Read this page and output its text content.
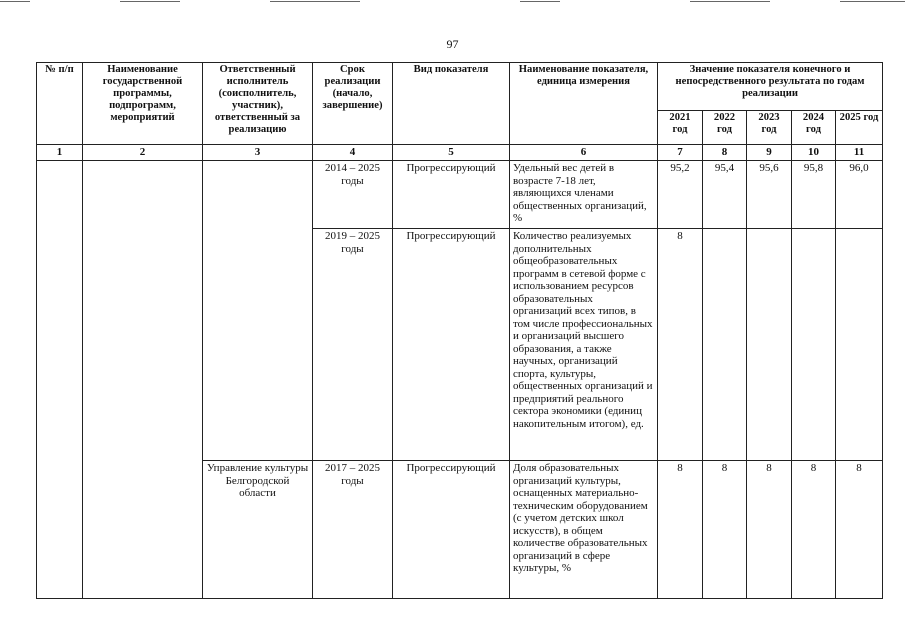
97
№ п/п	Наименование государственной программы, подпрограмм, мероприятий	Ответственный исполнитель (соисполнитель, участник), ответственный за реализацию	Срок реализации (начало, завершение)	Вид показателя	Наименование показателя, единица измерения	Значение показателя конечного и непосредственного результата по годам реализации				
						2021 год	2022 год	2023 год	2024 год	2025 год
1	2	3	4	5	6	7	8	9	10	11
			2014 – 2025 годы	Прогрессирующий	Удельный вес детей в возрасте 7-18 лет, являющихся членами общественных организаций, %	95,2	95,4	95,6	95,8	96,0
			2019 – 2025 годы	Прогрессирующий	Количество реализуемых дополнительных общеобразовательных программ в сетевой форме с использованием ресурсов образовательных организаций всех типов, в том числе профессиональных и организаций высшего образования, а также научных, организаций спорта, культуры, общественных организаций и предприятий реального сектора экономики (единиц накопительным итогом), ед.	8				
		Управление культуры Белгородской области	2017 – 2025 годы	Прогрессирующий	Доля образовательных организаций культуры, оснащенных материально-техническим оборудованием (с учетом детских школ искусств), в общем количестве образовательных организаций в сфере культуры, %	8	8	8	8	8
